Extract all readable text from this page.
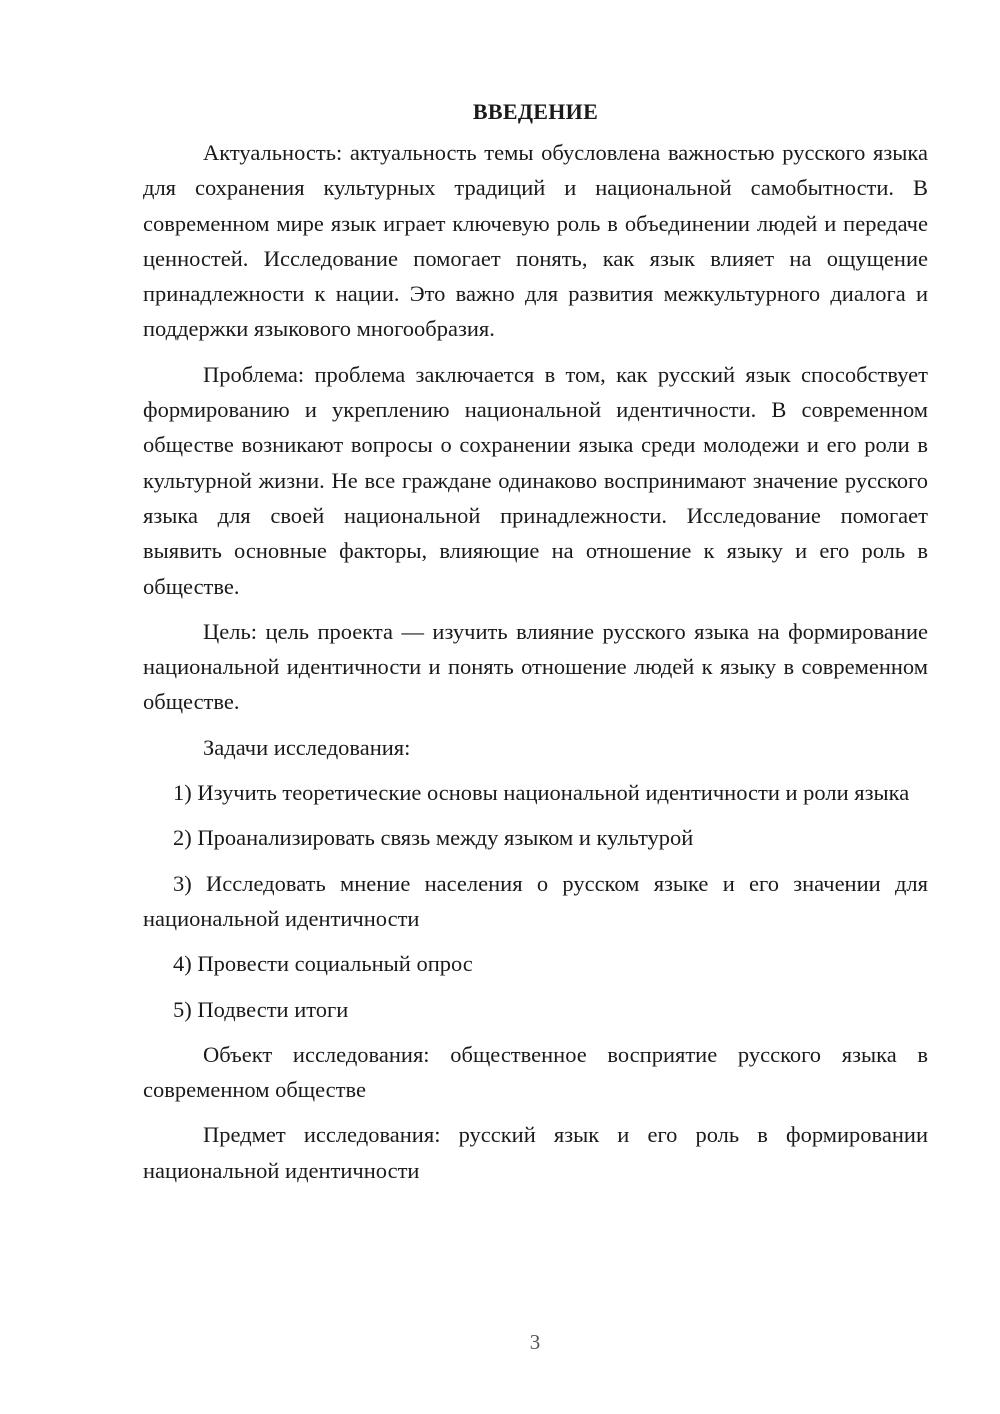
ВВЕДЕНИЕ

Актуальность: актуальность темы обусловлена важностью русского языка для сохранения культурных традиций и национальной самобытности. В современном мире язык играет ключевую роль в объединении людей и передаче ценностей. Исследование помогает понять, как язык влияет на ощущение принадлежности к нации. Это важно для развития межкультурного диалога и поддержки языкового многообразия.

Проблема: проблема заключается в том, как русский язык способствует формированию и укреплению национальной идентичности. В современном обществе возникают вопросы о сохранении языка среди молодежи и его роли в культурной жизни. Не все граждане одинаково воспринимают значение русского языка для своей национальной принадлежности. Исследование помогает выявить основные факторы, влияющие на отношение к языку и его роль в обществе.

Цель: цель проекта — изучить влияние русского языка на формирование национальной идентичности и понять отношение людей к языку в современном обществе.

Задачи исследования:

1) Изучить теоретические основы национальной идентичности и роли языка

2) Проанализировать связь между языком и культурой

3) Исследовать мнение населения о русском языке и его значении для национальной идентичности

4) Провести социальный опрос

5) Подвести итоги

Объект исследования: общественное восприятие русского языка в современном обществе

Предмет исследования: русский язык и его роль в формировании национальной идентичности

3
